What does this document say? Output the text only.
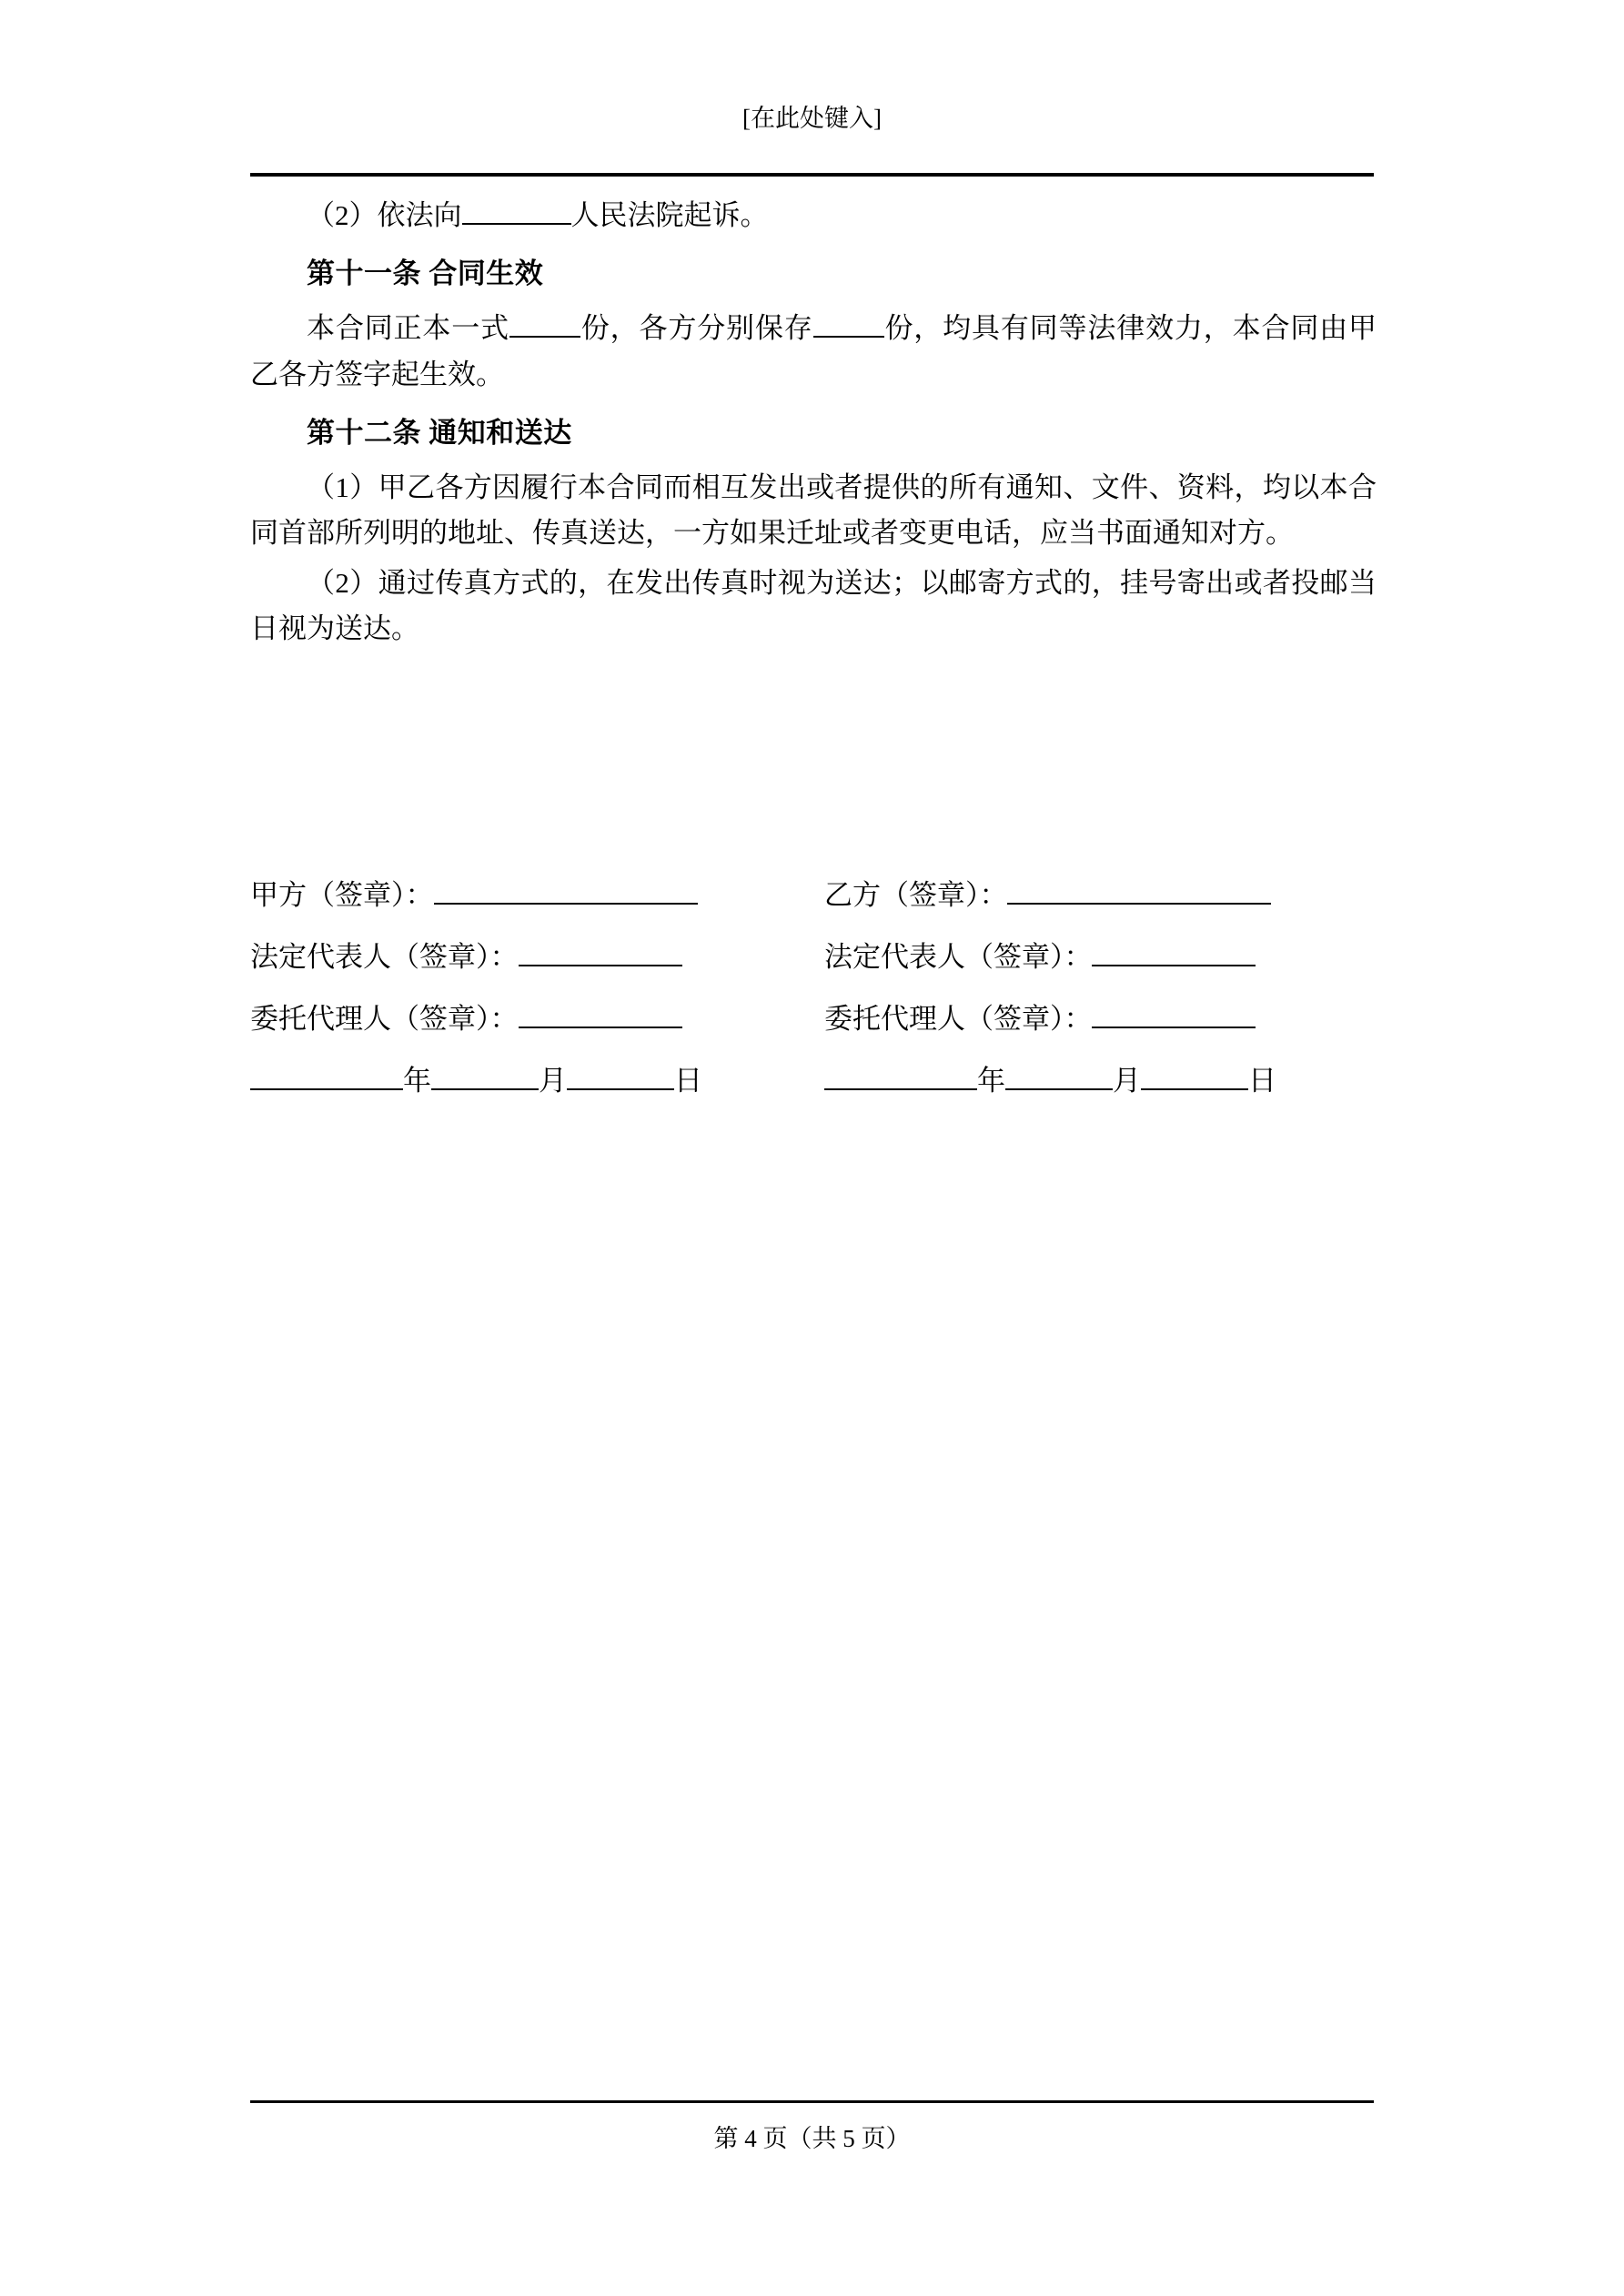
[在此处键入]

（2）依法向	人民法院起诉。

第十一条 合同生效

本合同正本一式	份，各方分别保存	份，均具有同等法律效力，本合同由甲乙各方签字起生效。

第十二条 通知和送达

（1）甲乙各方因履行本合同而相互发出或者提供的所有通知、文件、资料，均以本合同首部所列明的地址、传真送达，一方如果迁址或者变更电话，应当书面通知对方。

（2）通过传真方式的，在发出传真时视为送达；以邮寄方式的，挂号寄出或者投邮当日视为送达。

甲方（签章）：	乙方（签章）：
法定代表人（签章）：	法定代表人（签章）：
委托代理人（签章）：	委托代理人（签章）：
年	月	日	年	月	日
第 4 页（共 5 页）
